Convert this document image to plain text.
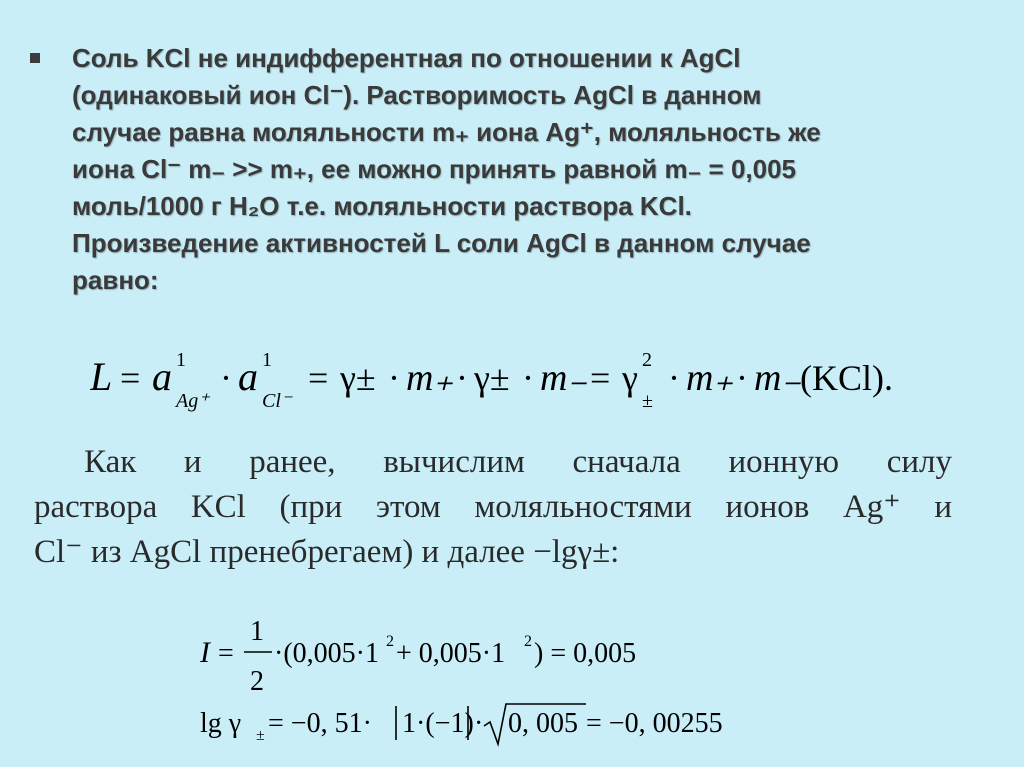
Соль KCl не индифферентная по отношении к AgCl

(одинаковый ион Cl⁻). Растворимость AgCl в данном

случае равна моляльности m₊ иона Ag⁺, моляльность же

иона Cl⁻ m₋ >> m₊, ее можно принять равной m₋ = 0,005

моль/1000 г H₂O т.е. моляльности раствора KCl.

Произведение активностей L соли AgCl в данном случае

равно:

L = a 1
Ag⁺
· a 1
Cl⁻
= γ± · m₊ · γ± · m₋ = γ 2
±
· m₊ · m₋
(KCl).

Как и ранее, вычислим сначала ионную силу

раствора KCl (при этом моляльностями ионов Ag⁺ и

Cl⁻ из AgCl пренебрегаем) и далее −lgγ±:

I =
1
2
·(0,005·1 2 + 0,005·1 2 ) = 0,005
lg γ ± = −0, 51· 1·(−1) · 0, 005 = −0, 00255
